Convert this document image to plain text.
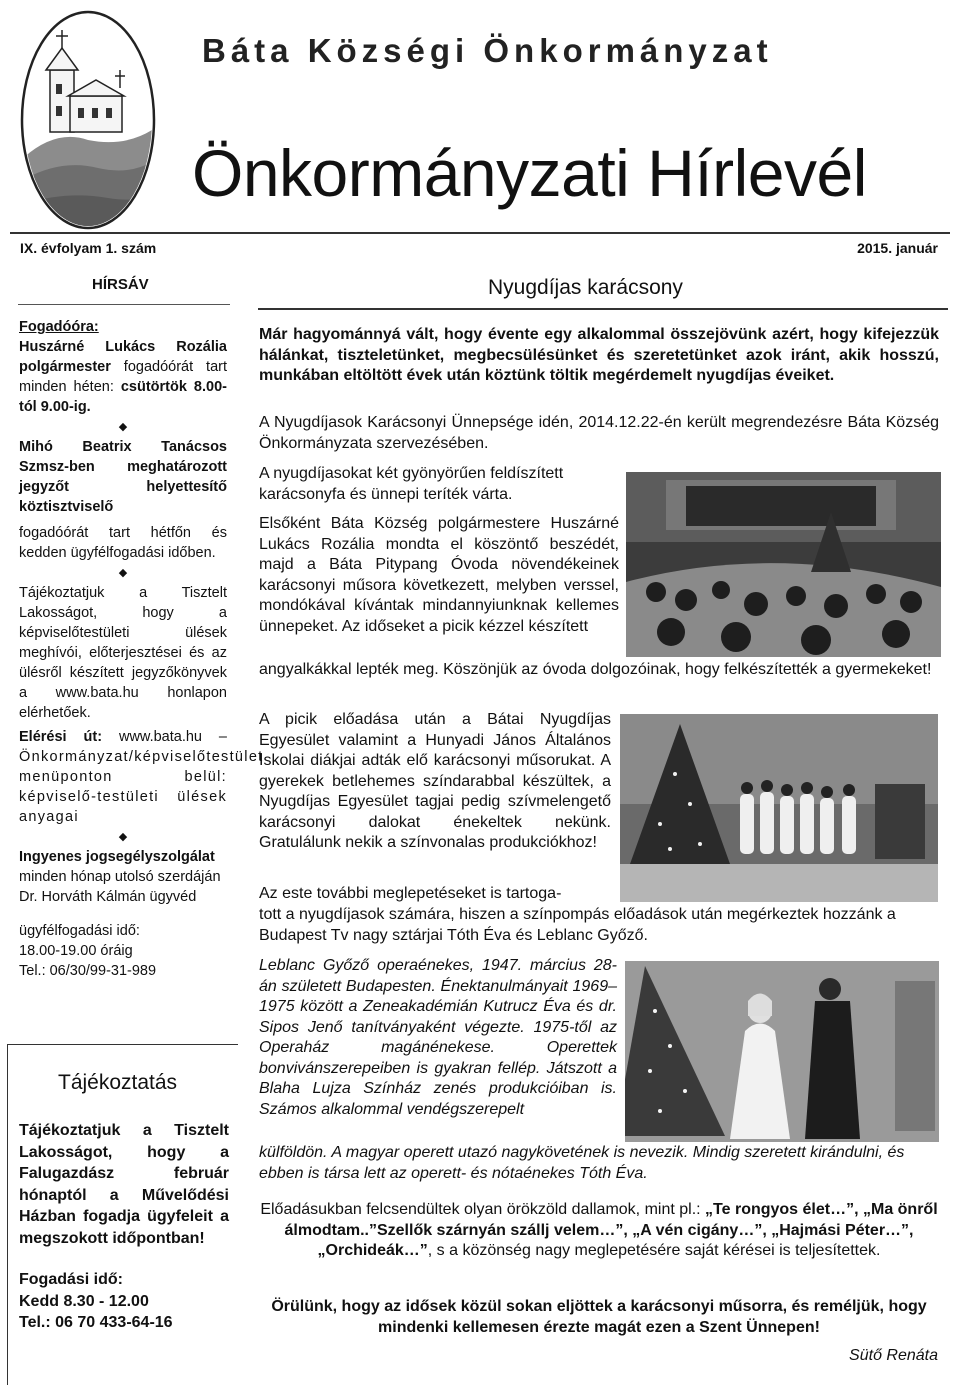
Báta Községi Önkormányzat
Önkormányzati Hírlevél
IX. évfolyam 1. szám	2015. január
HÍRSÁV

Fogadóóra:

Huszárné Lukács Rozália polgármester fogadóórát tart minden héten: csütörtök 8.00-tól 9.00-ig.

◆

Mihó Beatrix Tanácsos Szmsz-ben meghatározott jegyzőt helyettesítő köztisztviselő

fogadóórát tart hétfőn és kedden ügyfélfogadási időben.

◆

Tájékoztatjuk a Tisztelt Lakosságot, hogy a képviselőtestületi ülések meghívói, előterjesztései és az ülésről készített jegyzőkönyvek a www.bata.hu honlapon elérhetőek.

Elérési út: www.bata.hu – Önkormányzat/képviselőtestület menüponton belül: képviselő-testületi ülések anyagai

◆

Ingyenes jogsegélyszolgálat

minden hónap utolsó szerdáján

Dr. Horváth Kálmán ügyvéd

ügyfélfogadási idő:

18.00-19.00 óráig

Tel.: 06/30/99-31-989

Tájékoztatás

Tájékoztatjuk a Tisztelt Lakosságot, hogy a Falugazdász február hónaptól a Művelődési Házban fogadja ügyfeleit a megszokott időpontban!

Fogadási idő:

Kedd 8.30 - 12.00

Tel.: 06 70 433-64-16

Nyugdíjas karácsony
Már hagyománnyá vált, hogy évente egy alkalommal összejövünk azért, hogy kifejezzük hálánkat, tiszteletünket, megbecsülésünket és szeretetünket azok iránt, akik hosszú, munkában eltöltött évek után köztünk töltik megérdemelt nyugdíjas éveiket.
A Nyugdíjasok Karácsonyi Ünnepsége idén, 2014.12.22-én került megrendezésre Báta Község Önkormányzata szervezésében.
A nyugdíjasokat két gyönyörűen feldíszített karácsonyfa és ünnepi teríték várta.
Elsőként Báta Község polgármestere Huszárné Lukács Rozália mondta el köszöntő beszédét, majd a Báta Pitypang Óvoda növendékeinek karácsonyi műsora következett, melyben verssel, mondókával kívántak mindannyiunknak kellemes ünnepeket. Az időseket a picik kézzel készített
angyalkákkal lepték meg. Köszönjük az óvoda dolgozóinak, hogy felkészítették a gyermekeket!
A picik előadása után a Bátai Nyugdíjas Egyesület valamint a Hunyadi János Általános Iskolai diákjai adták elő karácsonyi műsorukat. A gyerekek betlehemes színdarabbal készültek, a Nyugdíjas Egyesület tagjai pedig szívmelengető karácsonyi dalokat énekeltek nekünk. Gratulálunk nekik a színvonalas produkciókhoz!
Az este további meglepetéseket is tartoga-
tott a nyugdíjasok számára, hiszen a színpompás előadások után megérkeztek hozzánk a Budapest Tv nagy sztárjai Tóth Éva és Leblanc Győző.
Leblanc Győző operaénekes, 1947. március 28-án született Budapesten. Énektanulmányait 1969–1975 között a Zeneakadémián Kutrucz Éva és dr. Sipos Jenő tanítványaként végezte. 1975-től az Operaház magánénekese. Operettek bonvivánszerepeiben is gyakran fellép. Játszott a Blaha Lujza Színház zenés produkcióiban is. Számos alkalommal vendégszerepelt
külföldön. A magyar operett utazó nagykövetének is nevezik. Mindig szeretett kirándulni, és ebben is társa lett az operett- és nótaénekes Tóth Éva.
Előadásukban felcsendültek olyan örökzöld dallamok, mint pl.: „Te rongyos élet…”, „Ma önről álmodtam..”Szellők szárnyán szállj velem…”, „A vén cigány…”, „Hajmási Péter…”, „Orchideák…”, s a közönség nagy meglepetésére saját kérései is teljesítettek.
Örülünk, hogy az idősek közül sokan eljöttek a karácsonyi műsorra, és reméljük, hogy mindenki kellemesen érezte magát ezen a Szent Ünnepen!
Sütő Renáta
